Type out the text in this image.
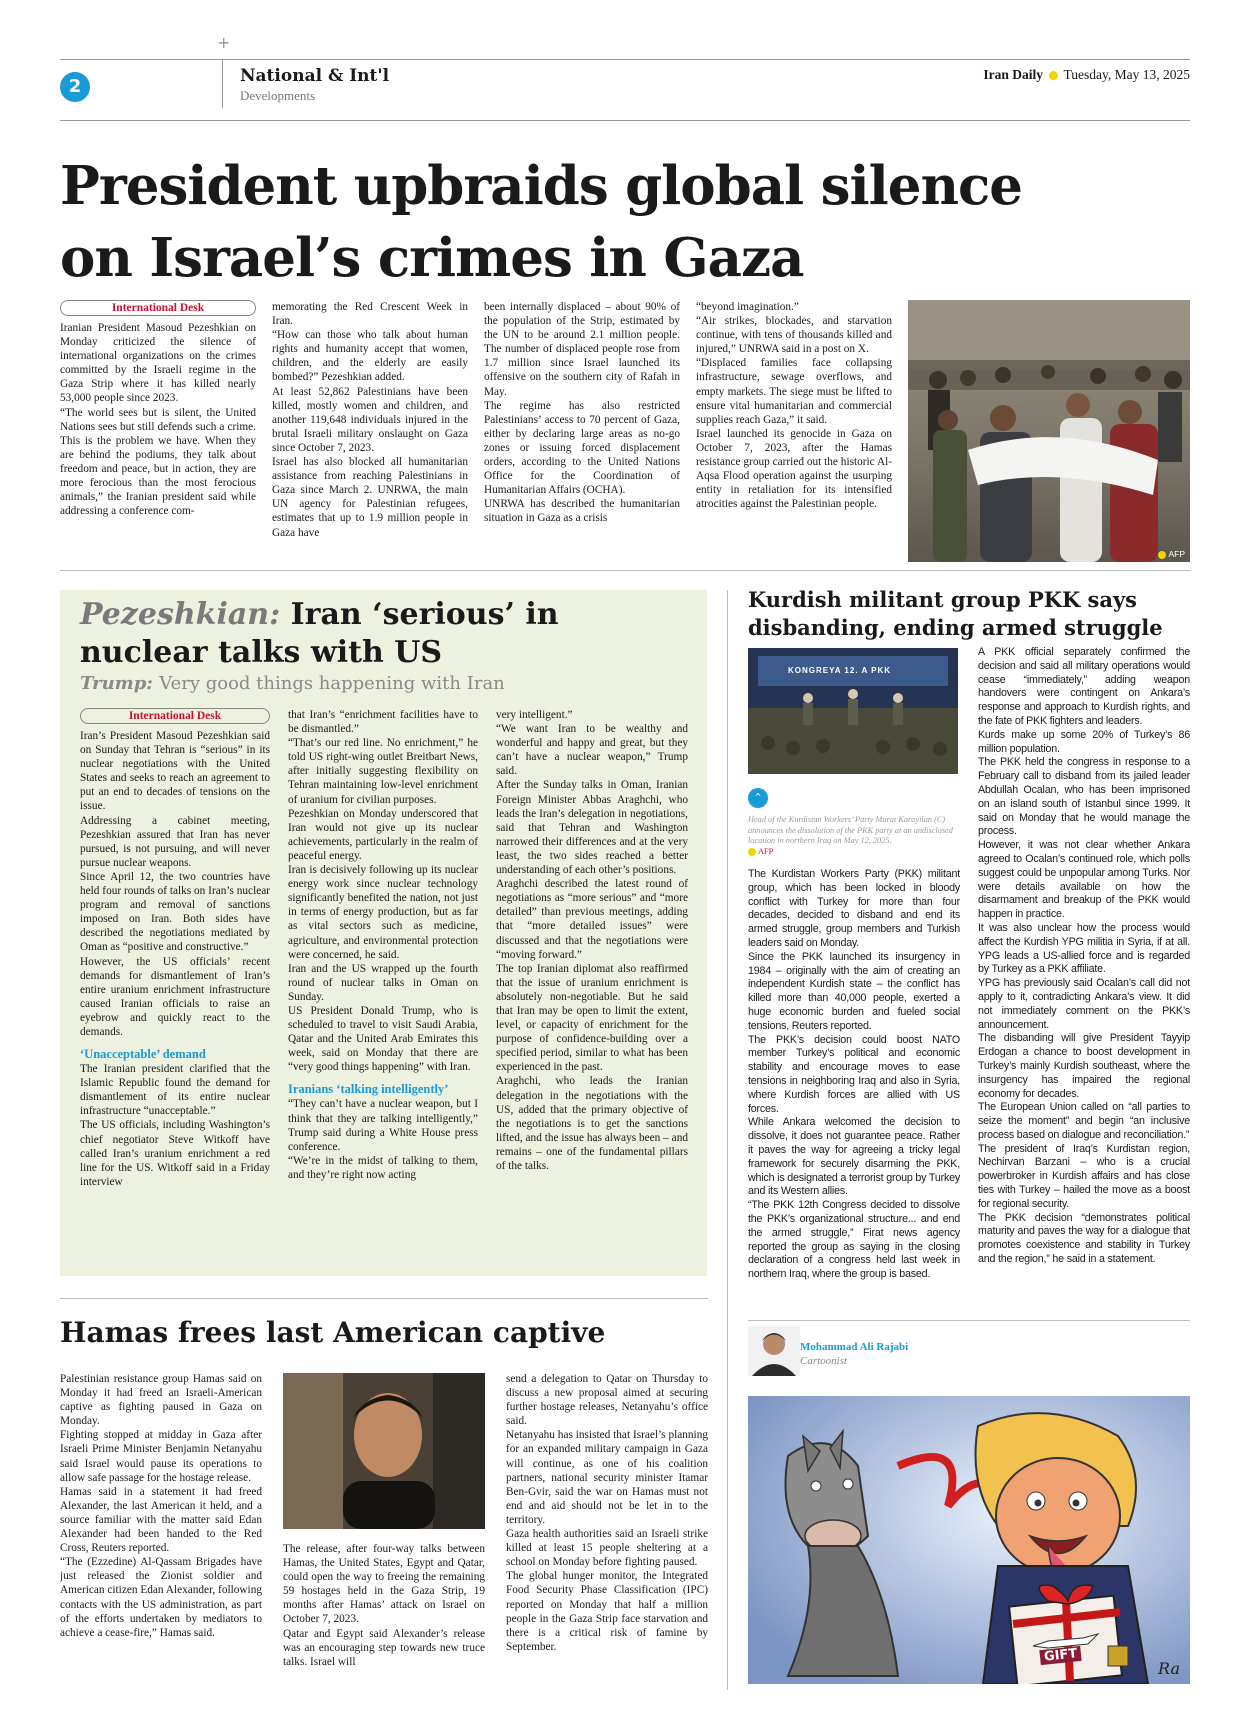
+
2	National & Int'l
Developments
Iran Daily Tuesday, May 13, 2025
President upbraids global silence
on Israel’s crimes in Gaza
International Desk
Iranian President Masoud Pezeshkian on Monday criticized the silence of international organizations on the crimes committed by the Israeli regime in the Gaza Strip where it has killed nearly 53,000 people since 2023.
“The world sees but is silent, the United Nations sees but still defends such a crime. This is the problem we have. When they are behind the podiums, they talk about freedom and peace, but in action, they are more ferocious than the most ferocious animals,” the Iranian president said while addressing a conference com-
memorating the Red Crescent Week in Iran.
“How can those who talk about human rights and humanity accept that women, children, and the elderly are easily bombed?” Pezeshkian added.
At least 52,862 Palestinians have been killed, mostly women and children, and another 119,648 individuals injured in the brutal Israeli military onslaught on Gaza since October 7, 2023.
Israel has also blocked all humanitarian assistance from reaching Palestinians in Gaza since March 2. UNRWA, the main UN agency for Palestinian refugees, estimates that up to 1.9 million people in Gaza have
been internally displaced – about 90% of the population of the Strip, estimated by the UN to be around 2.1 million people. The number of displaced people rose from 1.7 million since Israel launched its offensive on the southern city of Rafah in May.
The regime has also restricted Palestinians’ access to 70 percent of Gaza, either by declaring large areas as no-go zones or issuing forced displacement orders, according to the United Nations Office for the Coordination of Humanitarian Affairs (OCHA).
UNRWA has described the humanitarian situation in Gaza as a crisis
“beyond imagination.”
“Air strikes, blockades, and starvation continue, with tens of thousands killed and injured,” UNRWA said in a post on X.
“Displaced families face collapsing infrastructure, sewage overflows, and empty markets. The siege must be lifted to ensure vital humanitarian and commercial supplies reach Gaza,” it said.
Israel launched its genocide in Gaza on October 7, 2023, after the Hamas resistance group carried out the historic Al-Aqsa Flood operation against the usurping entity in retaliation for its intensified atrocities against the Palestinian people.
AFP
Pezeshkian: Iran ‘serious’ in nuclear talks with US
Trump: Very good things happening with Iran
International Desk
Iran’s President Masoud Pezeshkian said on Sunday that Tehran is “serious” in its nuclear negotiations with the United States and seeks to reach an agreement to put an end to decades of tensions on the issue.
Addressing a cabinet meeting, Pezeshkian assured that Iran has never pursued, is not pursuing, and will never pursue nuclear weapons.
Since April 12, the two countries have held four rounds of talks on Iran’s nuclear program and removal of sanctions imposed on Iran. Both sides have described the negotiations mediated by Oman as “positive and constructive.”
However, the US officials’ recent demands for dismantlement of Iran’s entire uranium enrichment infrastructure caused Iranian officials to raise an eyebrow and quickly react to the demands.
‘Unacceptable’ demand
The Iranian president clarified that the Islamic Republic found the demand for dismantlement of its entire nuclear infrastructure “unacceptable.”
The US officials, including Washington’s chief negotiator Steve Witkoff have called Iran’s uranium enrichment a red line for the US. Witkoff said in a Friday interview
that Iran’s “enrichment facilities have to be dismantled.”
“That’s our red line. No enrichment,” he told US right-wing outlet Breitbart News, after initially suggesting flexibility on Tehran maintaining low-level enrichment of uranium for civilian purposes.
Pezeshkian on Monday underscored that Iran would not give up its nuclear achievements, particularly in the realm of peaceful energy.
Iran is decisively following up its nuclear energy work since nuclear technology significantly benefited the nation, not just in terms of energy production, but as far as vital sectors such as medicine, agriculture, and environmental protection were concerned, he said.
Iran and the US wrapped up the fourth round of nuclear talks in Oman on Sunday.
US President Donald Trump, who is scheduled to travel to visit Saudi Arabia, Qatar and the United Arab Emirates this week, said on Monday that there are “very good things happening” with Iran.
Iranians ‘talking intelligently’
“They can’t have a nuclear weapon, but I think that they are talking intelligently,” Trump said during a White House press conference.
“We’re in the midst of talking to them, and they’re right now acting
very intelligent.”
“We want Iran to be wealthy and wonderful and happy and great, but they can’t have a nuclear weapon,” Trump said.
After the Sunday talks in Oman, Iranian Foreign Minister Abbas Araghchi, who leads the Iran’s delegation in negotiations, said that Tehran and Washington narrowed their differences and at the very least, the two sides reached a better understanding of each other’s positions.
Araghchi described the latest round of negotiations as “more serious” and “more detailed” than previous meetings, adding that “more detailed issues” were discussed and that the negotiations were “moving forward.”
The top Iranian diplomat also reaffirmed that the issue of uranium enrichment is absolutely non-negotiable. But he said that Iran may be open to limit the extent, level, or capacity of enrichment for the purpose of confidence-building over a specified period, similar to what has been experienced in the past.
Araghchi, who leads the Iranian delegation in the negotiations with the US, added that the primary objective of the negotiations is to get the sanctions lifted, and the issue has always been – and remains – one of the fundamental pillars of the talks.
Kurdish militant group PKK says disbanding, ending armed struggle
KONGREYA 12. A PKK
⌃
Head of the Kurdistan Workers’ Party Murat Karayilan (C) announces the dissolution of the PKK party at an undisclosed location in northern Iraq on May 12, 2025.
AFP
The Kurdistan Workers Party (PKK) militant group, which has been locked in bloody conflict with Turkey for more than four decades, decided to disband and end its armed struggle, group members and Turkish leaders said on Monday.
Since the PKK launched its insurgency in 1984 – originally with the aim of creating an independent Kurdish state – the conflict has killed more than 40,000 people, exerted a huge economic burden and fueled social tensions, Reuters reported.
The PKK’s decision could boost NATO member Turkey’s political and economic stability and encourage moves to ease tensions in neighboring Iraq and also in Syria, where Kurdish forces are allied with US forces.
While Ankara welcomed the decision to dissolve, it does not guarantee peace. Rather it paves the way for agreeing a tricky legal framework for securely disarming the PKK, which is designated a terrorist group by Turkey and its Western allies.
“The PKK 12th Congress decided to dissolve the PKK’s organizational structure... and end the armed struggle,” Firat news agency reported the group as saying in the closing declaration of a congress held last week in northern Iraq, where the group is based.
A PKK official separately confirmed the decision and said all military operations would cease “immediately,” adding weapon handovers were contingent on Ankara’s response and approach to Kurdish rights, and the fate of PKK fighters and leaders.
Kurds make up some 20% of Turkey’s 86 million population.
The PKK held the congress in response to a February call to disband from its jailed leader Abdullah Ocalan, who has been imprisoned on an island south of Istanbul since 1999. It said on Monday that he would manage the process.
However, it was not clear whether Ankara agreed to Ocalan’s continued role, which polls suggest could be unpopular among Turks. Nor were details available on how the disarmament and breakup of the PKK would happen in practice.
It was also unclear how the process would affect the Kurdish YPG militia in Syria, if at all. YPG leads a US-allied force and is regarded by Turkey as a PKK affiliate.
YPG has previously said Ocalan’s call did not apply to it, contradicting Ankara’s view. It did not immediately comment on the PKK’s announcement.
The disbanding will give President Tayyip Erdogan a chance to boost development in Turkey’s mainly Kurdish southeast, where the insurgency has impaired the regional economy for decades.
The European Union called on “all parties to seize the moment” and begin “an inclusive process based on dialogue and reconciliation.”
The president of Iraq’s Kurdistan region, Nechirvan Barzani – who is a crucial powerbroker in Kurdish affairs and has close ties with Turkey – hailed the move as a boost for regional security.
The PKK decision “demonstrates political maturity and paves the way for a dialogue that promotes coexistence and stability in Turkey and the region,” he said in a statement.
Hamas frees last American captive
Palestinian resistance group Hamas said on Monday it had freed an Israeli-American captive as fighting paused in Gaza on Monday.
Fighting stopped at midday in Gaza after Israeli Prime Minister Benjamin Netanyahu said Israel would pause its operations to allow safe passage for the hostage release.
Hamas said in a statement it had freed Alexander, the last American it held, and a source familiar with the matter said Edan Alexander had been handed to the Red Cross, Reuters reported.
“The (Ezzedine) Al-Qassam Brigades have just released the Zionist soldier and American citizen Edan Alexander, following contacts with the US administration, as part of the efforts undertaken by mediators to achieve a cease-fire,” Hamas said.
The release, after four-way talks between Hamas, the United States, Egypt and Qatar, could open the way to freeing the remaining 59 hostages held in the Gaza Strip, 19 months after Hamas’ attack on Israel on October 7, 2023.
Qatar and Egypt said Alexander’s release was an encouraging step towards new truce talks. Israel will
send a delegation to Qatar on Thursday to discuss a new proposal aimed at securing further hostage releases, Netanyahu’s office said.
Netanyahu has insisted that Israel’s planning for an expanded military campaign in Gaza will continue, as one of his coalition partners, national security minister Itamar Ben-Gvir, said the war on Hamas must not end and aid should not be let in to the territory.
Gaza health authorities said an Israeli strike killed at least 15 people sheltering at a school on Monday before fighting paused.
The global hunger monitor, the Integrated Food Security Phase Classification (IPC) reported on Monday that half a million people in the Gaza Strip face starvation and there is a critical risk of famine by September.
Mohammad Ali Rajabi
Cartoonist
GIFT
Ra
